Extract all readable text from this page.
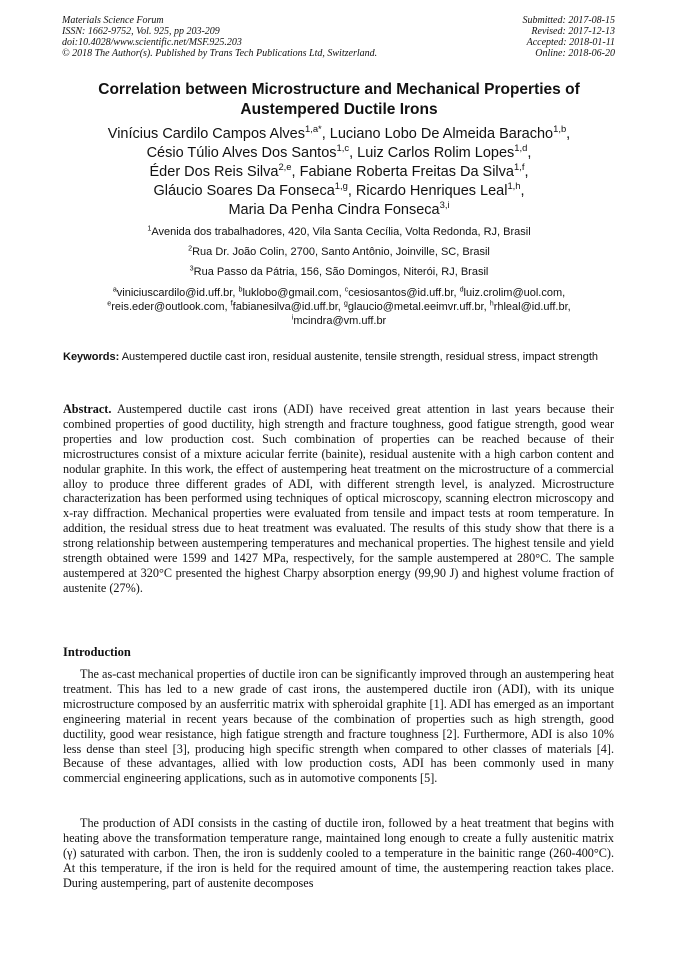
Materials Science Forum
ISSN: 1662-9752, Vol. 925, pp 203-209
doi:10.4028/www.scientific.net/MSF.925.203
© 2018 The Author(s). Published by Trans Tech Publications Ltd, Switzerland.
Submitted: 2017-08-15
Revised: 2017-12-13
Accepted: 2018-01-11
Online: 2018-06-20
Correlation between Microstructure and Mechanical Properties of
Austempered Ductile Irons
Vinícius Cardilo Campos Alves$^{1,a*}$, Luciano Lobo De Almeida Baracho$^{1,b}$,
Césio Túlio Alves Dos Santos$^{1,c}$, Luiz Carlos Rolim Lopes$^{1,d}$,
Éder Dos Reis Silva$^{2,e}$, Fabiane Roberta Freitas Da Silva$^{1,f}$,
Gláucio Soares Da Fonseca$^{1,g}$, Ricardo Henriques Leal$^{1,h}$,
Maria Da Penha Cindra Fonseca$^{3,i}$
$^1$Avenida dos trabalhadores, 420, Vila Santa Cecília, Volta Redonda, RJ, Brasil
$^2$Rua Dr. João Colin, 2700, Santo Antônio, Joinville, SC, Brasil
$^3$Rua Passo da Pátria, 156, São Domingos, Niterói, RJ, Brasil
$^a$viniciuscardilo@id.uff.br, $^b$luklobo@gmail.com, $^c$cesiosantos@id.uff.br, $^d$luiz.crolim@uol.com,
$^e$reis.eder@outlook.com, $^f$fabianesilva@id.uff.br, $^g$glaucio@metal.eeimvr.uff.br, $^h$rhleal@id.uff.br,
$^i$mcindra@vm.uff.br
Keywords: Austempered ductile cast iron, residual austenite, tensile strength, residual stress, impact strength
Abstract. Austempered ductile cast irons (ADI) have received great attention in last years because their combined properties of good ductility, high strength and fracture toughness, good fatigue strength, good wear properties and low production cost. Such combination of properties can be reached because of their microstructures consist of a mixture acicular ferrite (bainite), residual austenite with a high carbon content and nodular graphite. In this work, the effect of austempering heat treatment on the microstructure of a commercial alloy to produce three different grades of ADI, with different strength level, is analyzed. Microstructure characterization has been performed using techniques of optical microscopy, scanning electron microscopy and x-ray diffraction. Mechanical properties were evaluated from tensile and impact tests at room temperature. In addition, the residual stress due to heat treatment was evaluated. The results of this study show that there is a strong relationship between austempering temperatures and mechanical properties. The highest tensile and yield strength obtained were 1599 and 1427 MPa, respectively, for the sample austempered at 280°C. The sample austempered at 320°C presented the highest Charpy absorption energy (99,90 J) and highest volume fraction of austenite (27%).
Introduction
The as-cast mechanical properties of ductile iron can be significantly improved through an austempering heat treatment. This has led to a new grade of cast irons, the austempered ductile iron (ADI), with its unique microstructure composed by an ausferritic matrix with spheroidal graphite [1]. ADI has emerged as an important engineering material in recent years because of the combination of properties such as high strength, good ductility, good wear resistance, high fatigue strength and fracture toughness [2]. Furthermore, ADI is also 10% less dense than steel [3], producing high specific strength when compared to other classes of materials [4]. Because of these advantages, allied with low production costs, ADI has been commonly used in many commercial engineering applications, such as in automotive components [5].
The production of ADI consists in the casting of ductile iron, followed by a heat treatment that begins with heating above the transformation temperature range, maintained long enough to create a fully austenitic matrix (γ) saturated with carbon. Then, the iron is suddenly cooled to a temperature in the bainitic range (260-400°C). At this temperature, if the iron is held for the required amount of time, the austempering reaction takes place. During austempering, part of austenite decomposes
